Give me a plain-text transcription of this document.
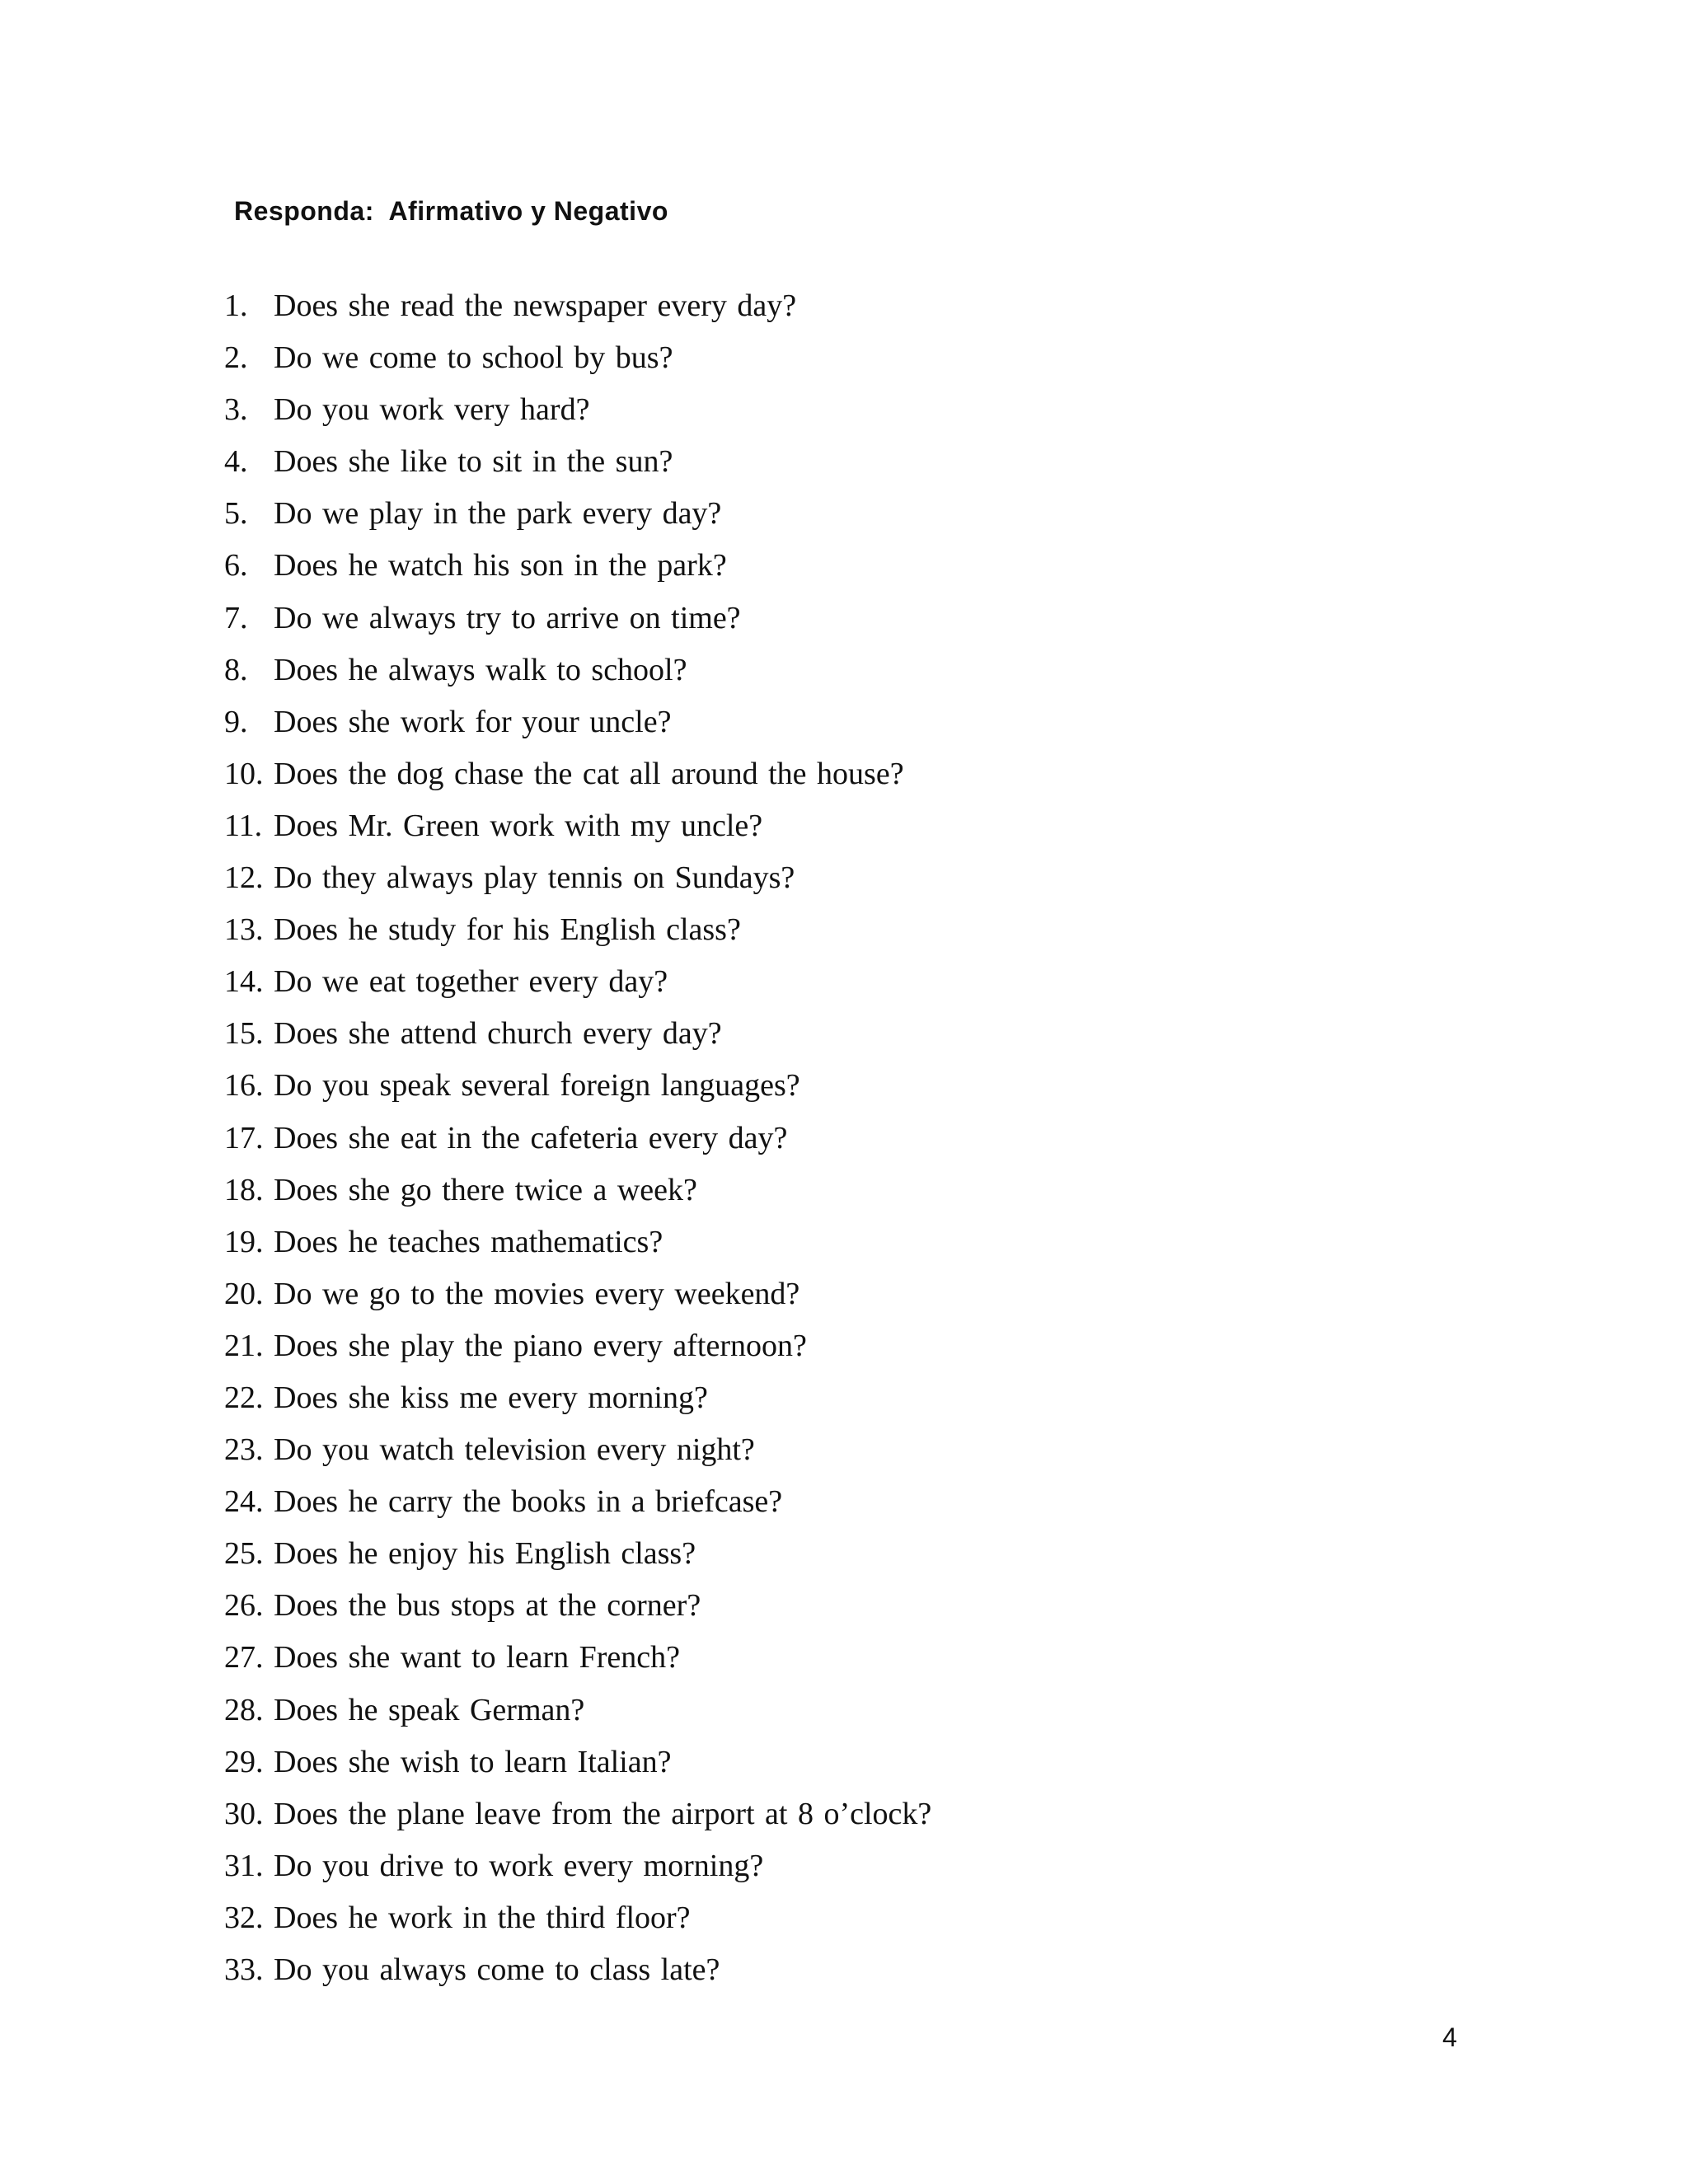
Responda:  Afirmativo y Negativo
1. Does she read the newspaper every day?
2. Do we come to school by bus?
3. Do you work very hard?
4. Does she like to sit in the sun?
5. Do we play in the park every day?
6. Does he watch his son in the park?
7. Do we always try to arrive on time?
8. Does he always walk to school?
9. Does she work for your uncle?
10. Does the dog chase the cat all around the house?
11. Does Mr. Green work with my uncle?
12. Do they always play tennis on Sundays?
13. Does he study for his English class?
14. Do we eat together every day?
15. Does she attend church every day?
16. Do you speak several foreign languages?
17. Does she eat in the cafeteria every day?
18. Does she go there twice a week?
19. Does he teaches mathematics?
20. Do we go to the movies every weekend?
21. Does she play the piano every afternoon?
22. Does she kiss me every morning?
23. Do you watch television every night?
24. Does he carry the books in a briefcase?
25. Does he enjoy his English class?
26. Does the bus stops at the corner?
27. Does she want to learn French?
28. Does he speak German?
29. Does she wish to learn Italian?
30. Does the plane leave from the airport at 8 o’clock?
31. Do you drive to work every morning?
32. Does he work in the third floor?
33. Do you always come to class late?
4
